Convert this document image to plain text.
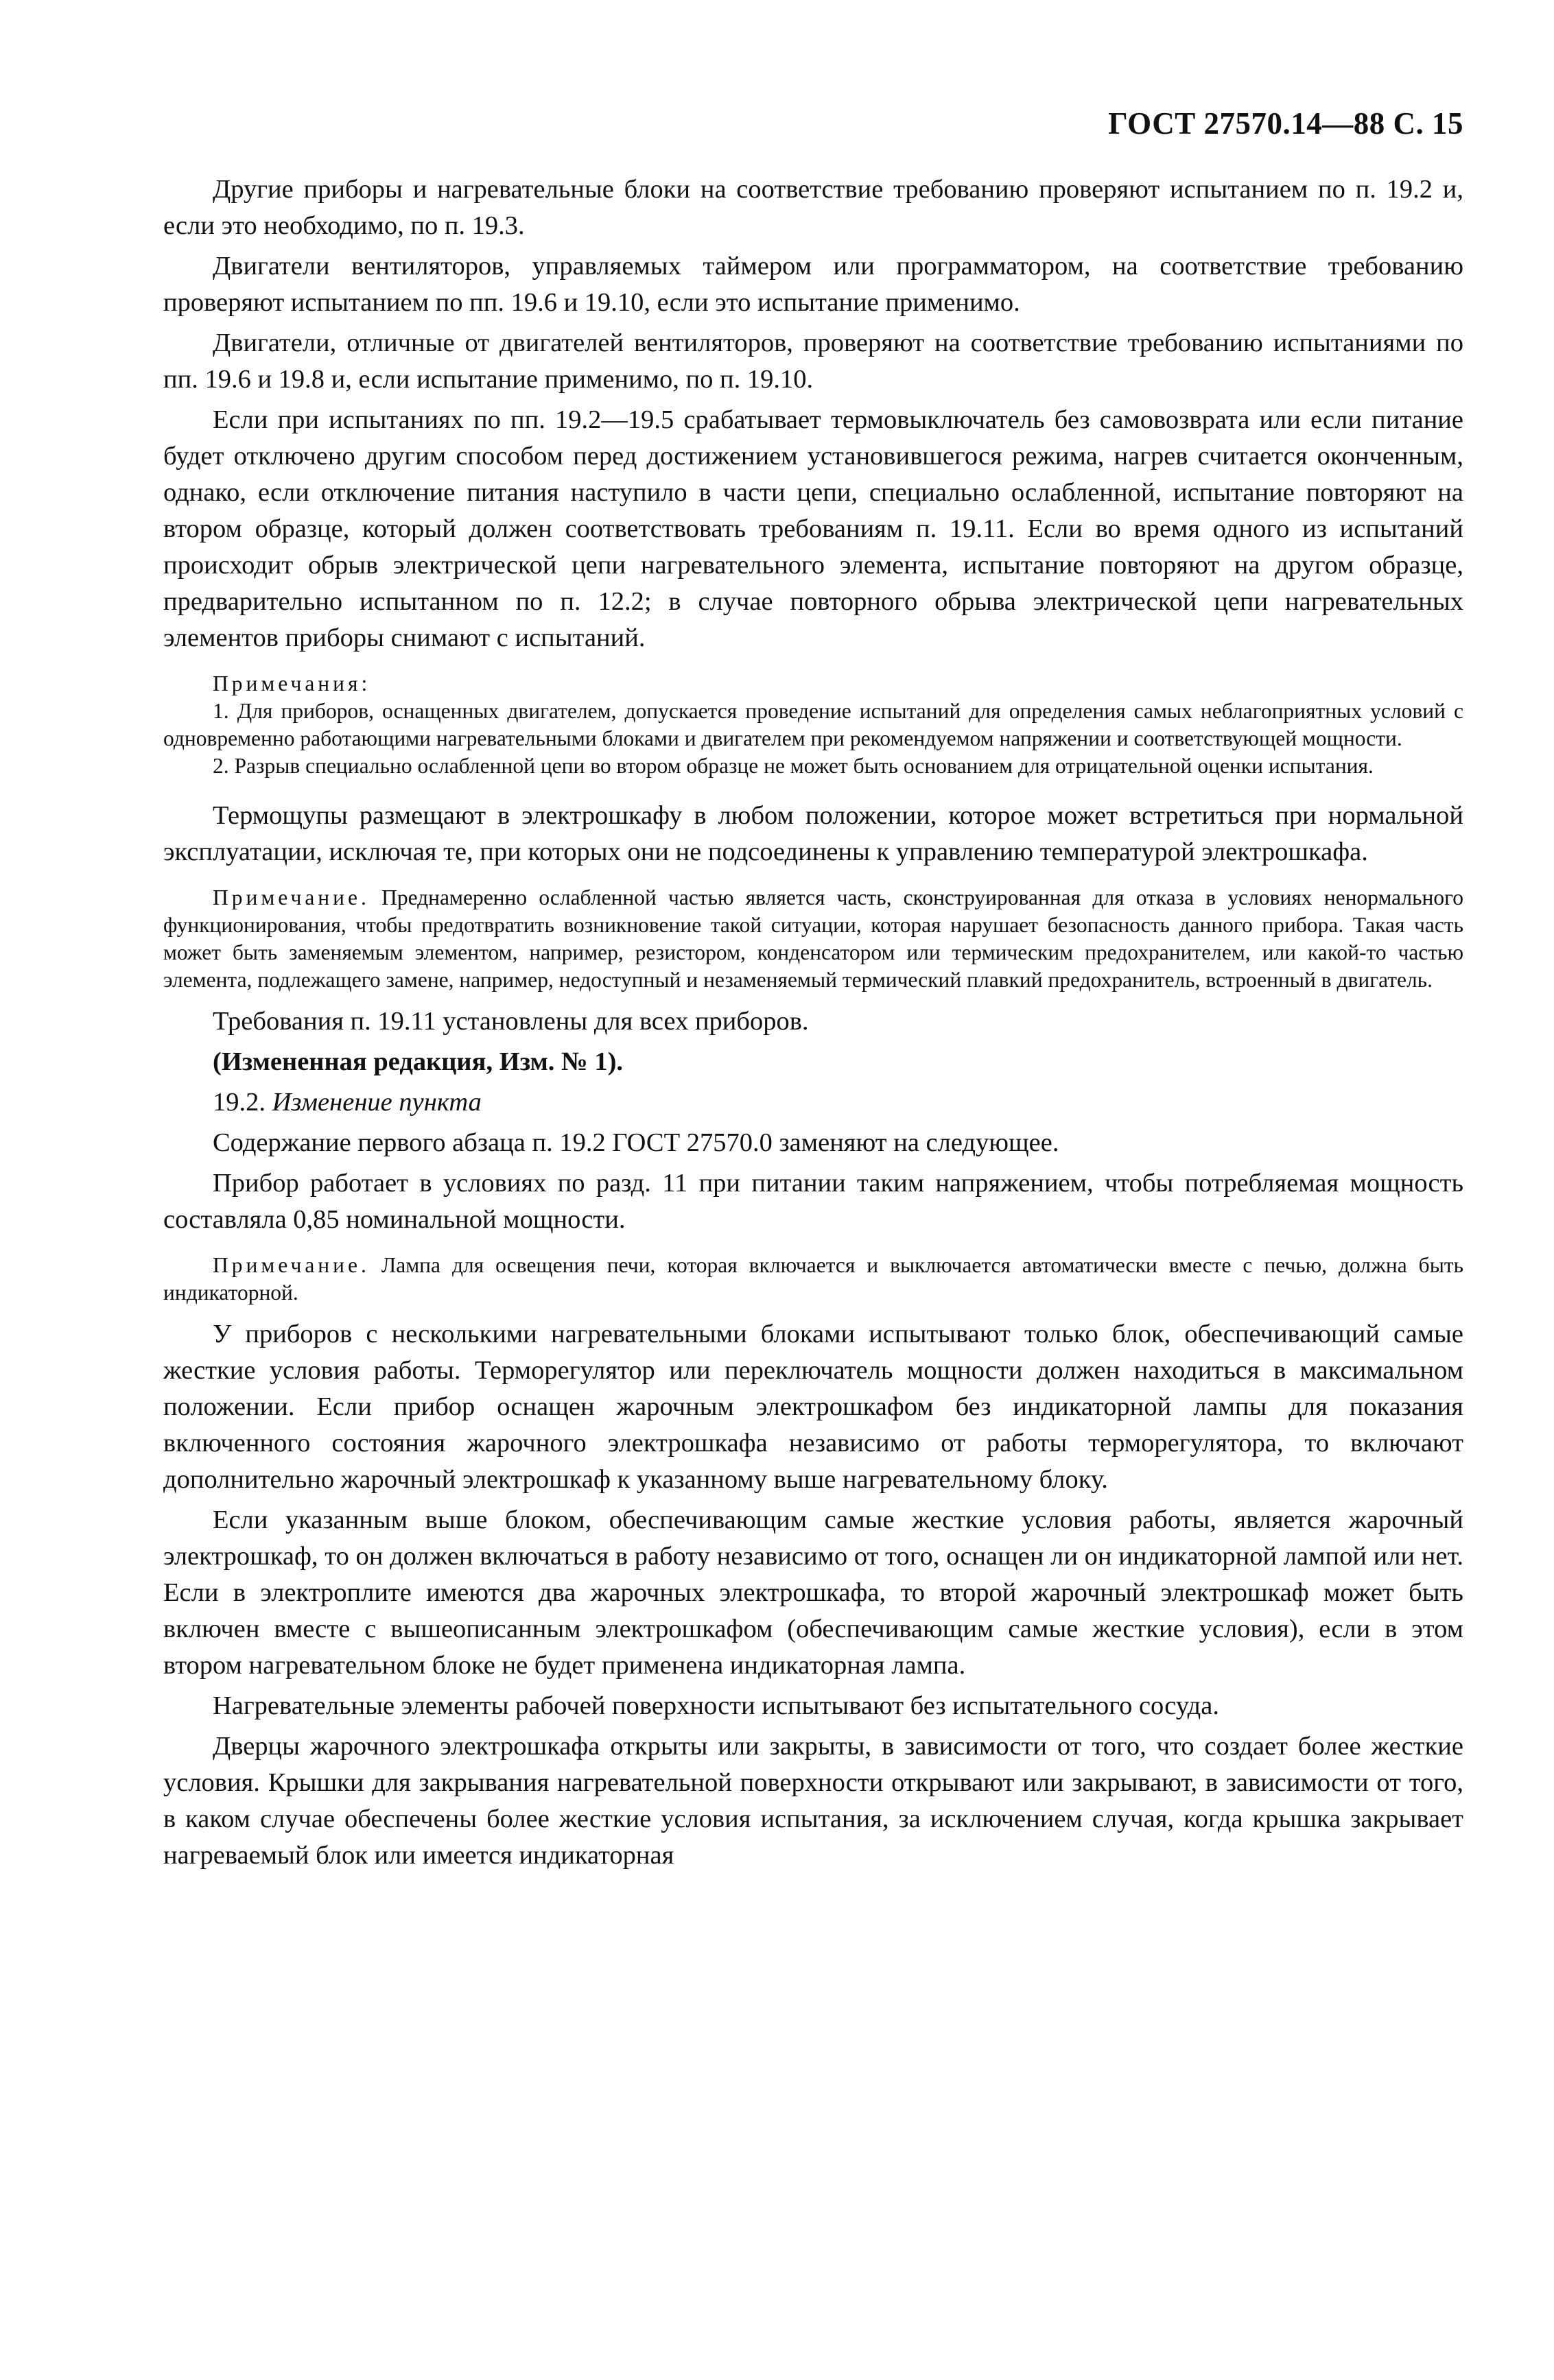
ГОСТ 27570.14—88 С. 15

Другие приборы и нагревательные блоки на соответствие требованию проверяют испытанием по п. 19.2 и, если это необходимо, по п. 19.3.

Двигатели вентиляторов, управляемых таймером или программатором, на соответствие требованию проверяют испытанием по пп. 19.6 и 19.10, если это испытание применимо.

Двигатели, отличные от двигателей вентиляторов, проверяют на соответствие требованию испытаниями по пп. 19.6 и 19.8 и, если испытание применимо, по п. 19.10.

Если при испытаниях по пп. 19.2—19.5 срабатывает термовыключатель без самовозврата или если питание будет отключено другим способом перед достижением установившегося режима, нагрев считается оконченным, однако, если отключение питания наступило в части цепи, специально ослабленной, испытание повторяют на втором образце, который должен соответствовать требованиям п. 19.11. Если во время одного из испытаний происходит обрыв электрической цепи нагревательного элемента, испытание повторяют на другом образце, предварительно испытанном по п. 12.2; в случае повторного обрыва электрической цепи нагревательных элементов приборы снимают с испытаний.

Примечания:

1. Для приборов, оснащенных двигателем, допускается проведение испытаний для определения самых неблагоприятных условий с одновременно работающими нагревательными блоками и двигателем при рекомендуемом напряжении и соответствующей мощности.

2. Разрыв специально ослабленной цепи во втором образце не может быть основанием для отрицательной оценки испытания.

Термощупы размещают в электрошкафу в любом положении, которое может встретиться при нормальной эксплуатации, исключая те, при которых они не подсоединены к управлению температурой электрошкафа.

Примечание. Преднамеренно ослабленной частью является часть, сконструированная для отказа в условиях ненормального функционирования, чтобы предотвратить возникновение такой ситуации, которая нарушает безопасность данного прибора. Такая часть может быть заменяемым элементом, например, резистором, конденсатором или термическим предохранителем, или какой-то частью элемента, подлежащего замене, например, недоступный и незаменяемый термический плавкий предохранитель, встроенный в двигатель.

Требования п. 19.11 установлены для всех приборов.

(Измененная редакция, Изм. № 1).

19.2. Изменение пункта

Содержание первого абзаца п. 19.2 ГОСТ 27570.0 заменяют на следующее.

Прибор работает в условиях по разд. 11 при питании таким напряжением, чтобы потребляемая мощность составляла 0,85 номинальной мощности.

Примечание. Лампа для освещения печи, которая включается и выключается автоматически вместе с печью, должна быть индикаторной.

У приборов с несколькими нагревательными блоками испытывают только блок, обеспечивающий самые жесткие условия работы. Терморегулятор или переключатель мощности должен находиться в максимальном положении. Если прибор оснащен жарочным электрошкафом без индикаторной лампы для показания включенного состояния жарочного электрошкафа независимо от работы терморегулятора, то включают дополнительно жарочный электрошкаф к указанному выше нагревательному блоку.

Если указанным выше блоком, обеспечивающим самые жесткие условия работы, является жарочный электрошкаф, то он должен включаться в работу независимо от того, оснащен ли он индикаторной лампой или нет. Если в электроплите имеются два жарочных электрошкафа, то второй жарочный электрошкаф может быть включен вместе с вышеописанным электрошкафом (обеспечивающим самые жесткие условия), если в этом втором нагревательном блоке не будет применена индикаторная лампа.

Нагревательные элементы рабочей поверхности испытывают без испытательного сосуда.

Дверцы жарочного электрошкафа открыты или закрыты, в зависимости от того, что создает более жесткие условия. Крышки для закрывания нагревательной поверхности открывают или закрывают, в зависимости от того, в каком случае обеспечены более жесткие условия испытания, за исключением случая, когда крышка закрывает нагреваемый блок или имеется индикаторная
